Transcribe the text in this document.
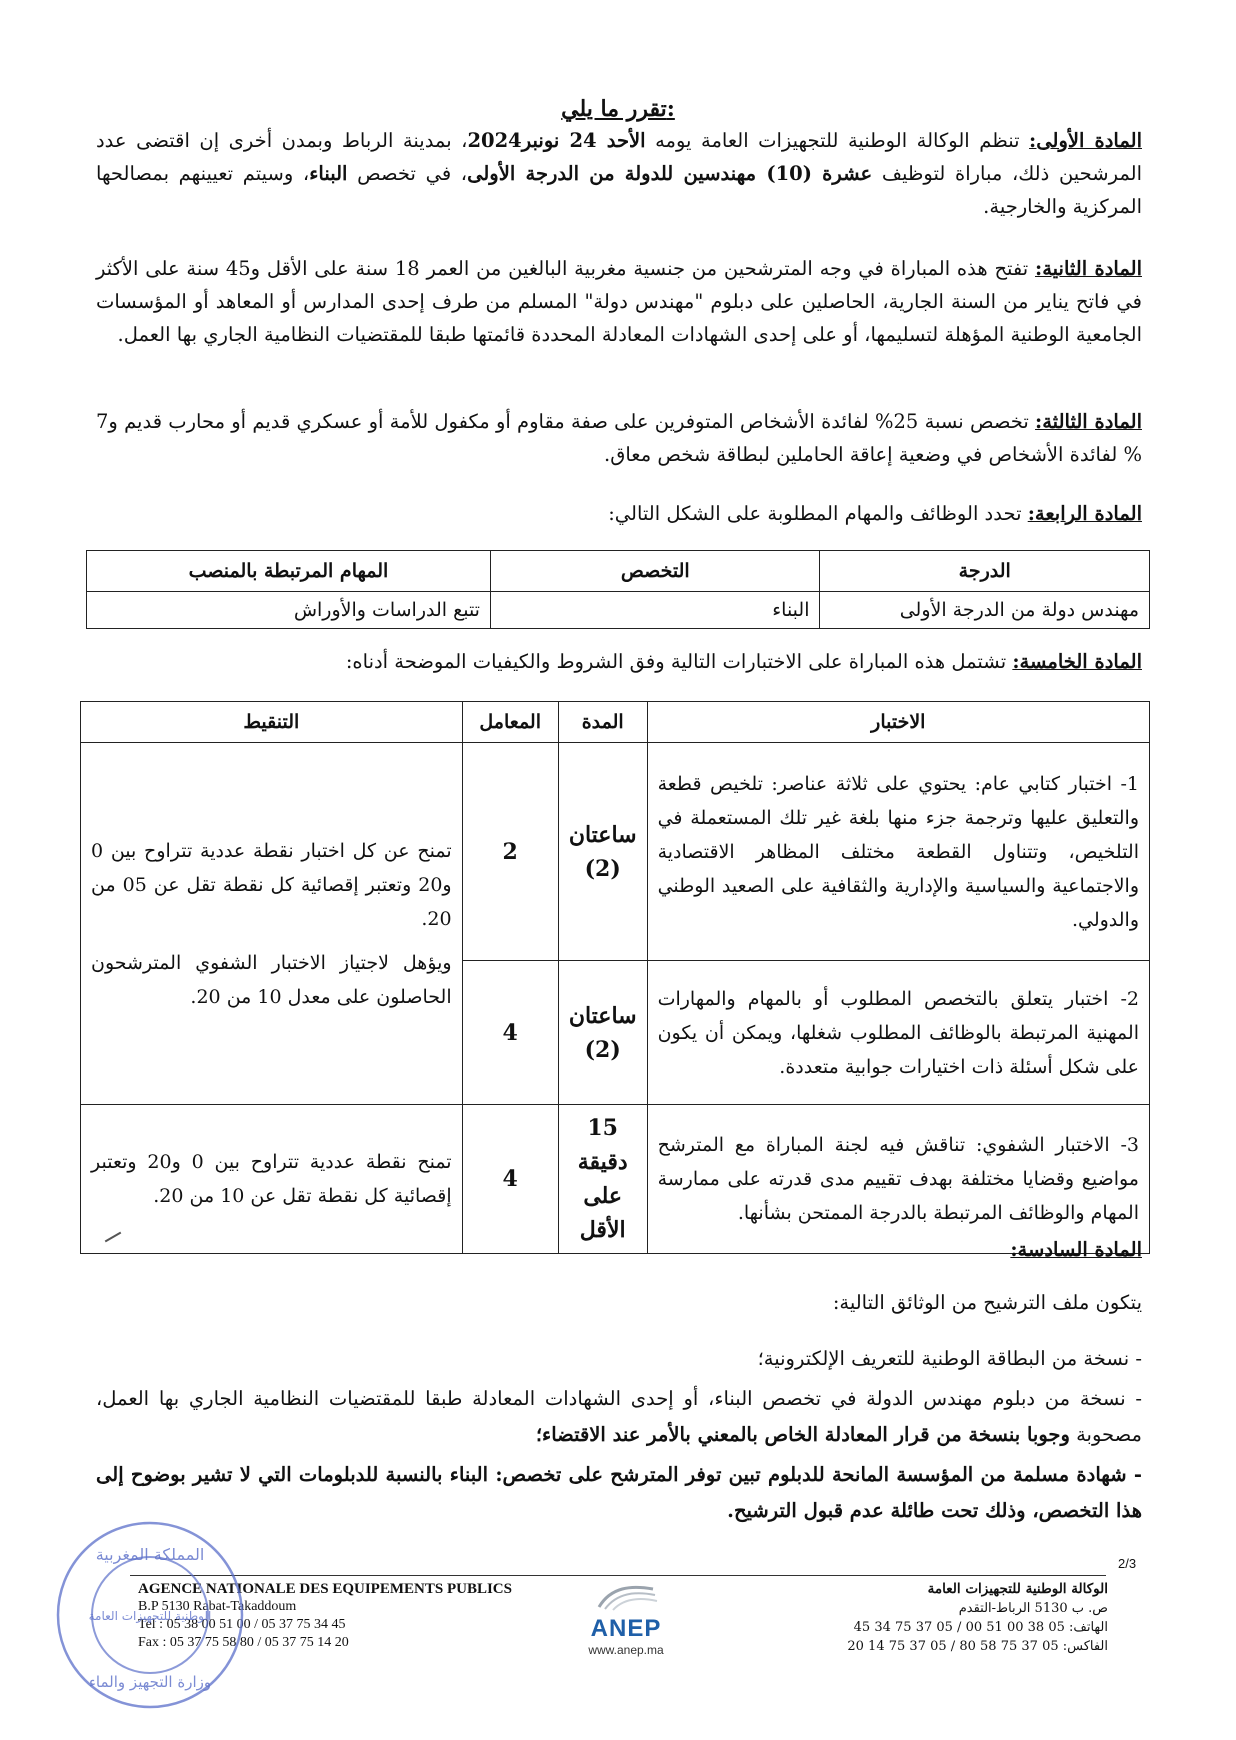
تقرر ما يلي:
المادة الأولى: تنظم الوكالة الوطنية للتجهيزات العامة يومه الأحد 24 نونبر2024، بمدينة الرباط وبمدن أخرى إن اقتضى عدد المرشحين ذلك، مباراة لتوظيف عشرة (10) مهندسين للدولة من الدرجة الأولى، في تخصص البناء، وسيتم تعيينهم بمصالحها المركزية والخارجية.
المادة الثانية: تفتح هذه المباراة في وجه المترشحين من جنسية مغربية البالغين من العمر 18 سنة على الأقل و45 سنة على الأكثر في فاتح يناير من السنة الجارية، الحاصلين على دبلوم "مهندس دولة" المسلم من طرف إحدى المدارس أو المعاهد أو المؤسسات الجامعية الوطنية المؤهلة لتسليمها، أو على إحدى الشهادات المعادلة المحددة قائمتها طبقا للمقتضيات النظامية الجاري بها العمل.
المادة الثالثة: تخصص نسبة 25% لفائدة الأشخاص المتوفرين على صفة مقاوم أو مكفول للأمة أو عسكري قديم أو محارب قديم و7 % لفائدة الأشخاص في وضعية إعاقة الحاملين لبطاقة شخص معاق.
المادة الرابعة: تحدد الوظائف والمهام المطلوبة على الشكل التالي:
الدرجة	التخصص	المهام المرتبطة بالمنصب
مهندس دولة من الدرجة الأولى	البناء	تتبع الدراسات والأوراش
المادة الخامسة: تشتمل هذه المباراة على الاختبارات التالية وفق الشروط والكيفيات الموضحة أدناه:
الاختبار	المدة	المعامل	التنقيط
1- اختبار كتابي عام: يحتوي على ثلاثة عناصر: تلخيص قطعة والتعليق عليها وترجمة جزء منها بلغة غير تلك المستعملة في التلخيص، وتتناول القطعة مختلف المظاهر الاقتصادية والاجتماعية والسياسية والإدارية والثقافية على الصعيد الوطني والدولي.	ساعتان (2)	2	تمنح عن كل اختبار نقطة عددية تتراوح بين 0 و20 وتعتبر إقصائية كل نقطة تقل عن 05 من 20.
ويؤهل لاجتياز الاختبار الشفوي المترشحون الحاصلون على معدل 10 من 20.

2- اختبار يتعلق بالتخصص المطلوب أو بالمهام والمهارات المهنية المرتبطة بالوظائف المطلوب شغلها، ويمكن أن يكون على شكل أسئلة ذات اختيارات جوابية متعددة.	ساعتان (2)	4	
3- الاختبار الشفوي: تناقش فيه لجنة المباراة مع المترشح مواضيع وقضايا مختلفة بهدف تقييم مدى قدرته على ممارسة المهام والوظائف المرتبطة بالدرجة الممتحن بشأنها.	15 دقيقة على الأقل	4	تمنح نقطة عددية تتراوح بين 0 و20 وتعتبر إقصائية كل نقطة تقل عن 10 من 20.
المادة السادسة:
يتكون ملف الترشيح من الوثائق التالية:
- نسخة من البطاقة الوطنية للتعريف الإلكترونية؛
- نسخة من دبلوم مهندس الدولة في تخصص البناء، أو إحدى الشهادات المعادلة طبقا للمقتضيات النظامية الجاري بها العمل، مصحوبة وجوبا بنسخة من قرار المعادلة الخاص بالمعني بالأمر عند الاقتضاء؛
- شهادة مسلمة من المؤسسة المانحة للدبلوم تبين توفر المترشح على تخصص: البناء بالنسبة للدبلومات التي لا تشير بوضوح إلى هذا التخصص، وذلك تحت طائلة عدم قبول الترشيح.
2/3
AGENCE NATIONALE DES EQUIPEMENTS PUBLICS
B.P 5130 Rabat-Takaddoum
Tel : 05 38 00 51 00 / 05 37 75 34 45
Fax : 05 37 75 58 80 / 05 37 75 14 20
ANEP
www.anep.ma
الوكالة الوطنية للتجهيزات العامة
ص. ب 5130 الرباط-التقدم
الهاتف: 05 38 00 51 00 / 05 37 75 34 45
الفاكس: 05 37 75 58 80 / 05 37 75 14 20
المملكة المغربية
الوطنية للتجهيزات العامة
وزارة التجهيز والماء
